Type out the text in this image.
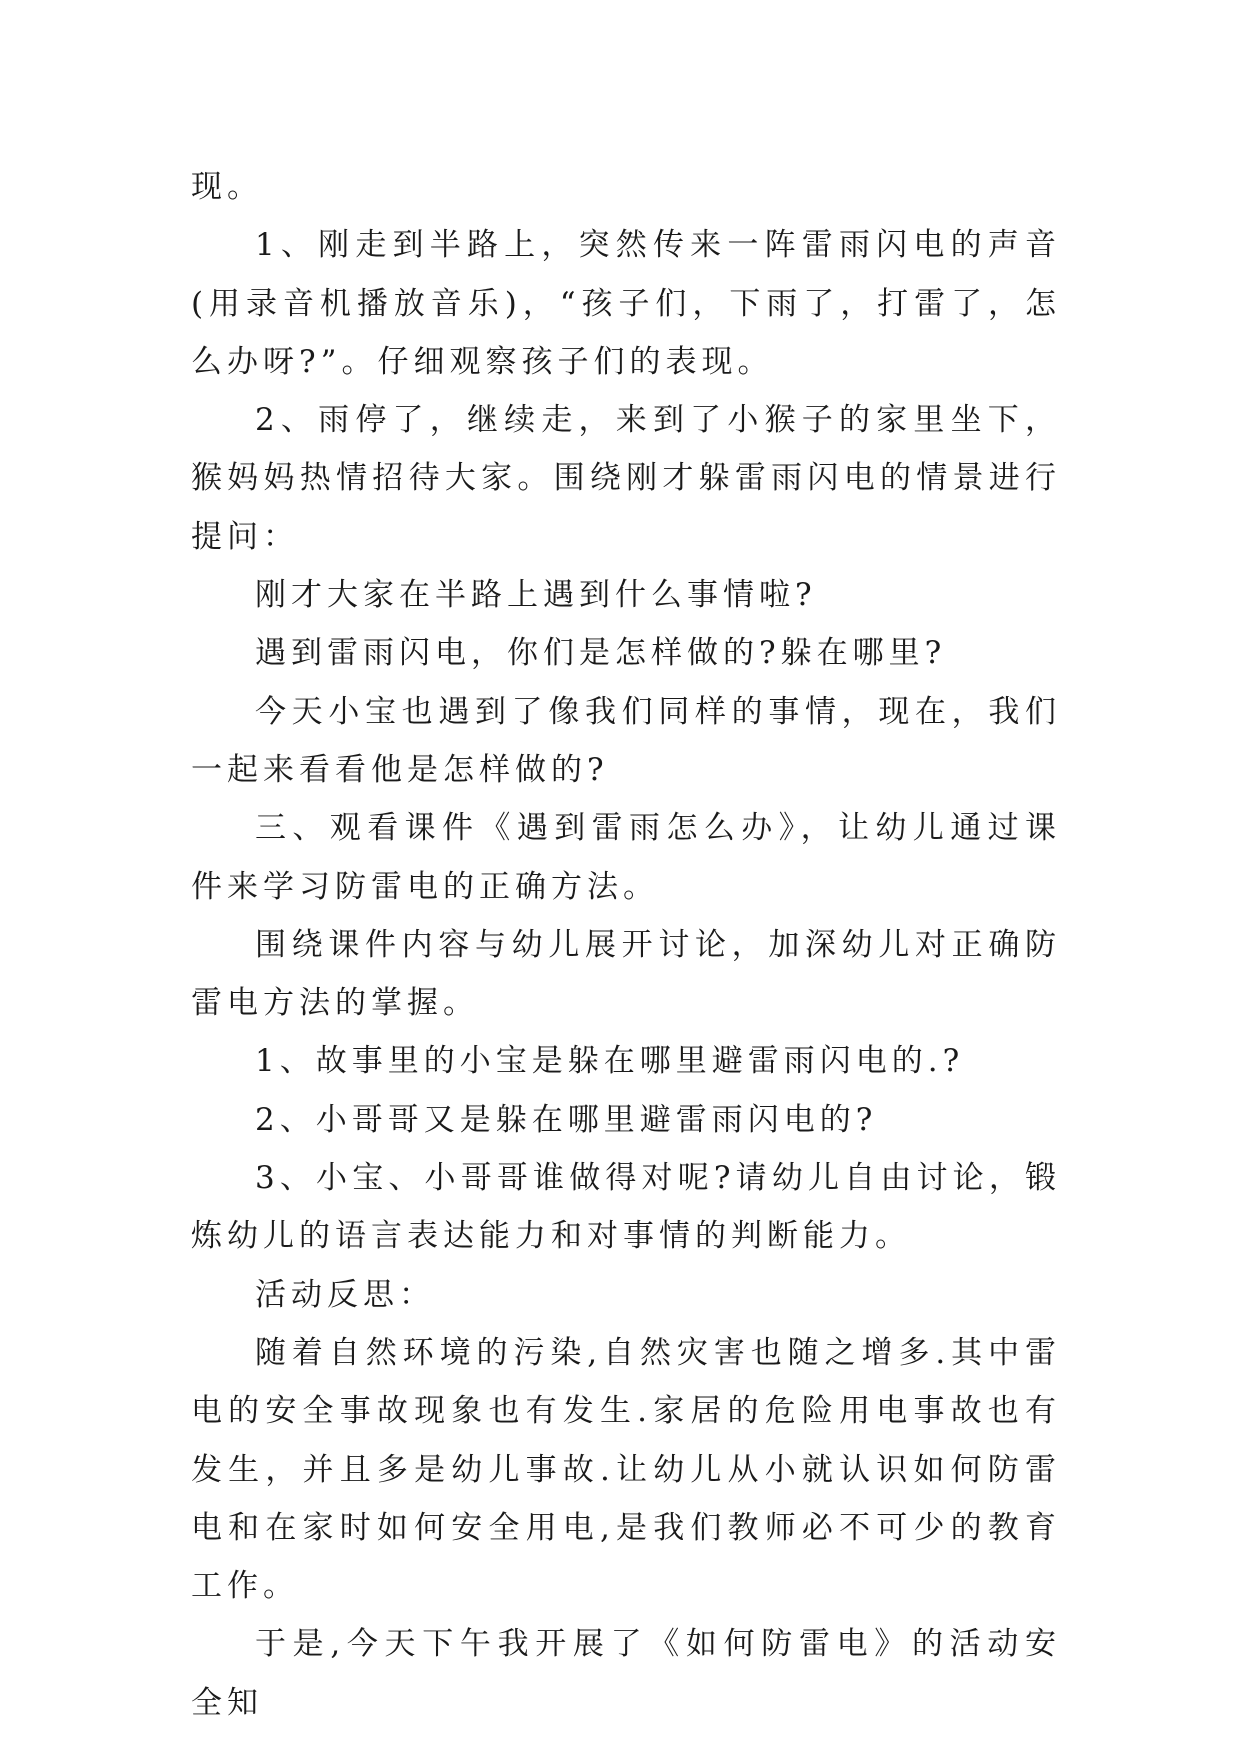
现。

1、刚走到半路上，突然传来一阵雷雨闪电的声音(用录音机播放音乐)，“孩子们，下雨了，打雷了，怎么办呀?”。仔细观察孩子们的表现。

2、雨停了，继续走，来到了小猴子的家里坐下，猴妈妈热情招待大家。围绕刚才躲雷雨闪电的情景进行提问：

刚才大家在半路上遇到什么事情啦?

遇到雷雨闪电，你们是怎样做的?躲在哪里?

今天小宝也遇到了像我们同样的事情，现在，我们一起来看看他是怎样做的?

三、观看课件《遇到雷雨怎么办》，让幼儿通过课件来学习防雷电的正确方法。

围绕课件内容与幼儿展开讨论，加深幼儿对正确防雷电方法的掌握。

1、故事里的小宝是躲在哪里避雷雨闪电的.?

2、小哥哥又是躲在哪里避雷雨闪电的?

3、小宝、小哥哥谁做得对呢?请幼儿自由讨论，锻炼幼儿的语言表达能力和对事情的判断能力。

活动反思：

随着自然环境的污染,自然灾害也随之增多.其中雷电的安全事故现象也有发生.家居的危险用电事故也有发生，并且多是幼儿事故.让幼儿从小就认识如何防雷电和在家时如何安全用电,是我们教师必不可少的教育工作。

于是,今天下午我开展了《如何防雷电》的活动安全知
